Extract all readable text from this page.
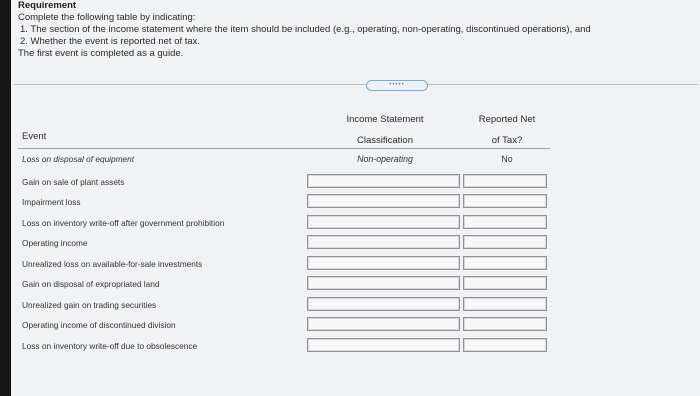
Requirement
Complete the following table by indicating:
1. The section of the income statement where the item should be included (e.g., operating, non-operating, discontinued operations), and
2. Whether the event is reported net of tax.
The first event is completed as a guide.
•••••
Income Statement
Classification
Reported Net
of Tax?
Event
Loss on disposal of equipment	Non-operating	No
Gain on sale of plant assets
Impairment loss
Loss on inventory write-off after government prohibition
Operating income
Unrealized loss on available-for-sale investments
Gain on disposal of expropriated land
Unrealized gain on trading securities
Operating income of discontinued division
Loss on inventory write-off due to obsolescence
